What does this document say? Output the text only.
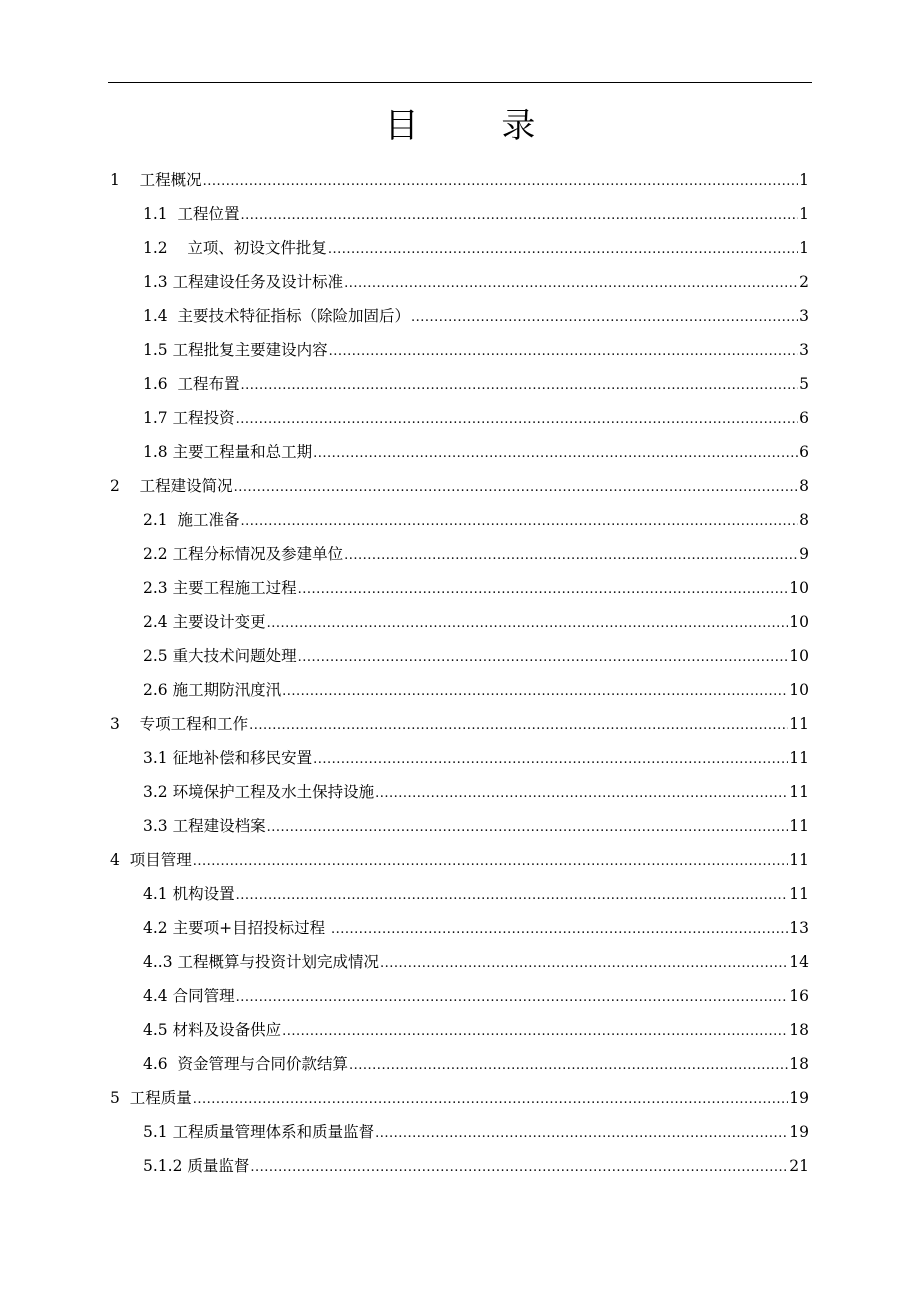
目 录
1    工程概况 .....	1
1.1  工程位置 .....	1
1.2    立项、初设文件批复 .....	1
1.3 工程建设任务及设计标准 .....	2
1.4  主要技术特征指标（除险加固后） .....	3
1.5 工程批复主要建设内容 .....	3
1.6  工程布置 .....	5
1.7 工程投资 .....	6
1.8 主要工程量和总工期 .....	6
2    工程建设简况 .....	8
2.1  施工准备 .....	8
2.2 工程分标情况及参建单位 .....	9
2.3 主要工程施工过程 .....	10
2.4 主要设计变更 .....	10
2.5 重大技术问题处理 .....	10
2.6 施工期防汛度汛 .....	10
3    专项工程和工作 .....	11
3.1 征地补偿和移民安置 .....	11
3.2 环境保护工程及水土保持设施 .....	11
3.3 工程建设档案 .....	11
4  项目管理 .....	11
4.1 机构设置 .....	11
4.2 主要项+目招投标过程 .....	13
4..3 工程概算与投资计划完成情况 .....	14
4.4 合同管理 .....	16
4.5 材料及设备供应 .....	18
4.6  资金管理与合同价款结算 .....	18
5  工程质量 .....	19
5.1 工程质量管理体系和质量监督 .....	19
5.1.2 质量监督 .....	21
